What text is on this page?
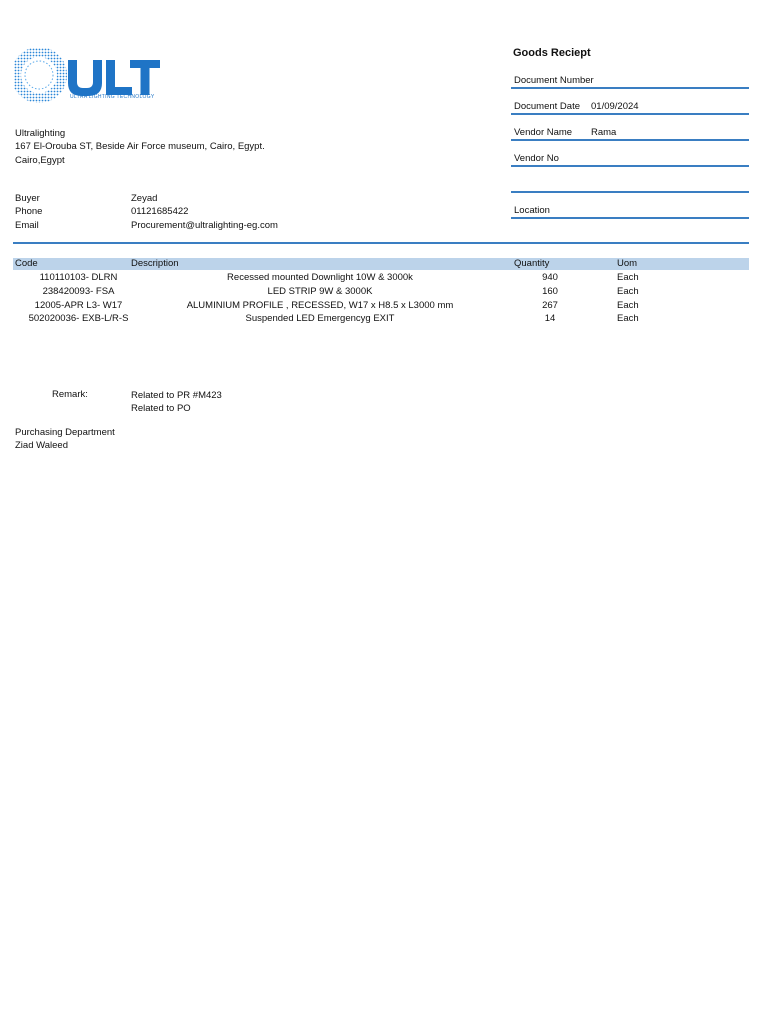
ULTRA LIGHTING TECHNOLOGY
Goods Reciept
Document Number
Document Date 01/09/2024
Vendor Name Rama
Vendor No
Location
Ultralighting
167 El-Orouba ST, Beside Air Force museum, Cairo, Egypt.
Cairo,Egypt
Buyer	Zeyad
Phone	01121685422
Email	Procurement@ultralighting-eg.com
Code	Description	Quantity	Uom
110110103- DLRN	Recessed mounted Downlight 10W & 3000k	940	Each
238420093- FSA	LED STRIP 9W & 3000K	160	Each
12005-APR L3- W17	ALUMINIUM PROFILE , RECESSED, W17 x H8.5 x L3000 mm	267	Each
502020036- EXB-L/R-S	Suspended LED Emergencyg EXIT	14	Each
Remark:	Related to PR #M423
Related to PO
Purchasing Department
Ziad Waleed
